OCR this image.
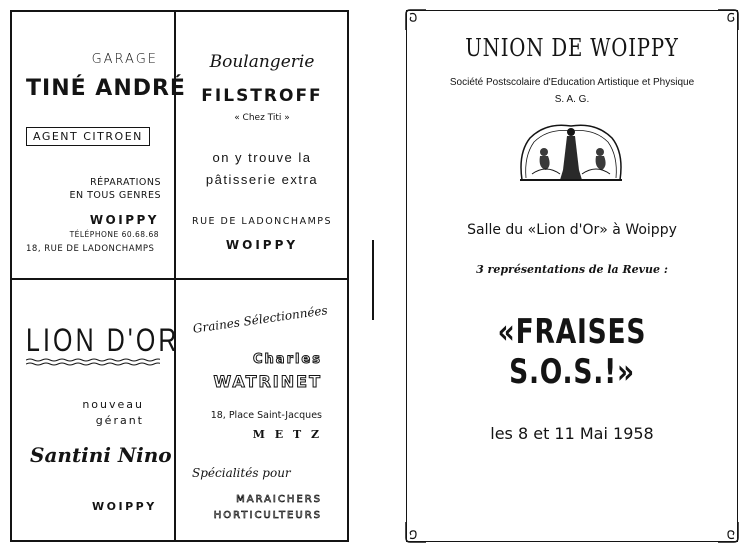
GARAGE
TINÉ ANDRÉ
AGENT CITROEN
RÉPARATIONS
EN TOUS GENRES
WOIPPY
TÉLÉPHONE 60.68.68
18, RUE DE LADONCHAMPS
Boulangerie
FILSTROFF
« Chez Titi »
on y trouve la
pâtisserie extra
RUE DE LADONCHAMPS
WOIPPY
LION D'OR
nouveau
gérant
Santini Nino
WOIPPY
Graines Sélectionnées
Charles
WATRINET
18, Place Saint-Jacques
M E T Z
Spécialités pour
MARAICHERS
HORTICULTEURS
UNION DE WOIPPY
Société Postscolaire d'Education Artistique et Physique
S. A. G.
Salle du «Lion d'Or» à Woippy
3 représentations de la Revue :
«FRAISES S.O.S.!»
les 8 et 11 Mai 1958
